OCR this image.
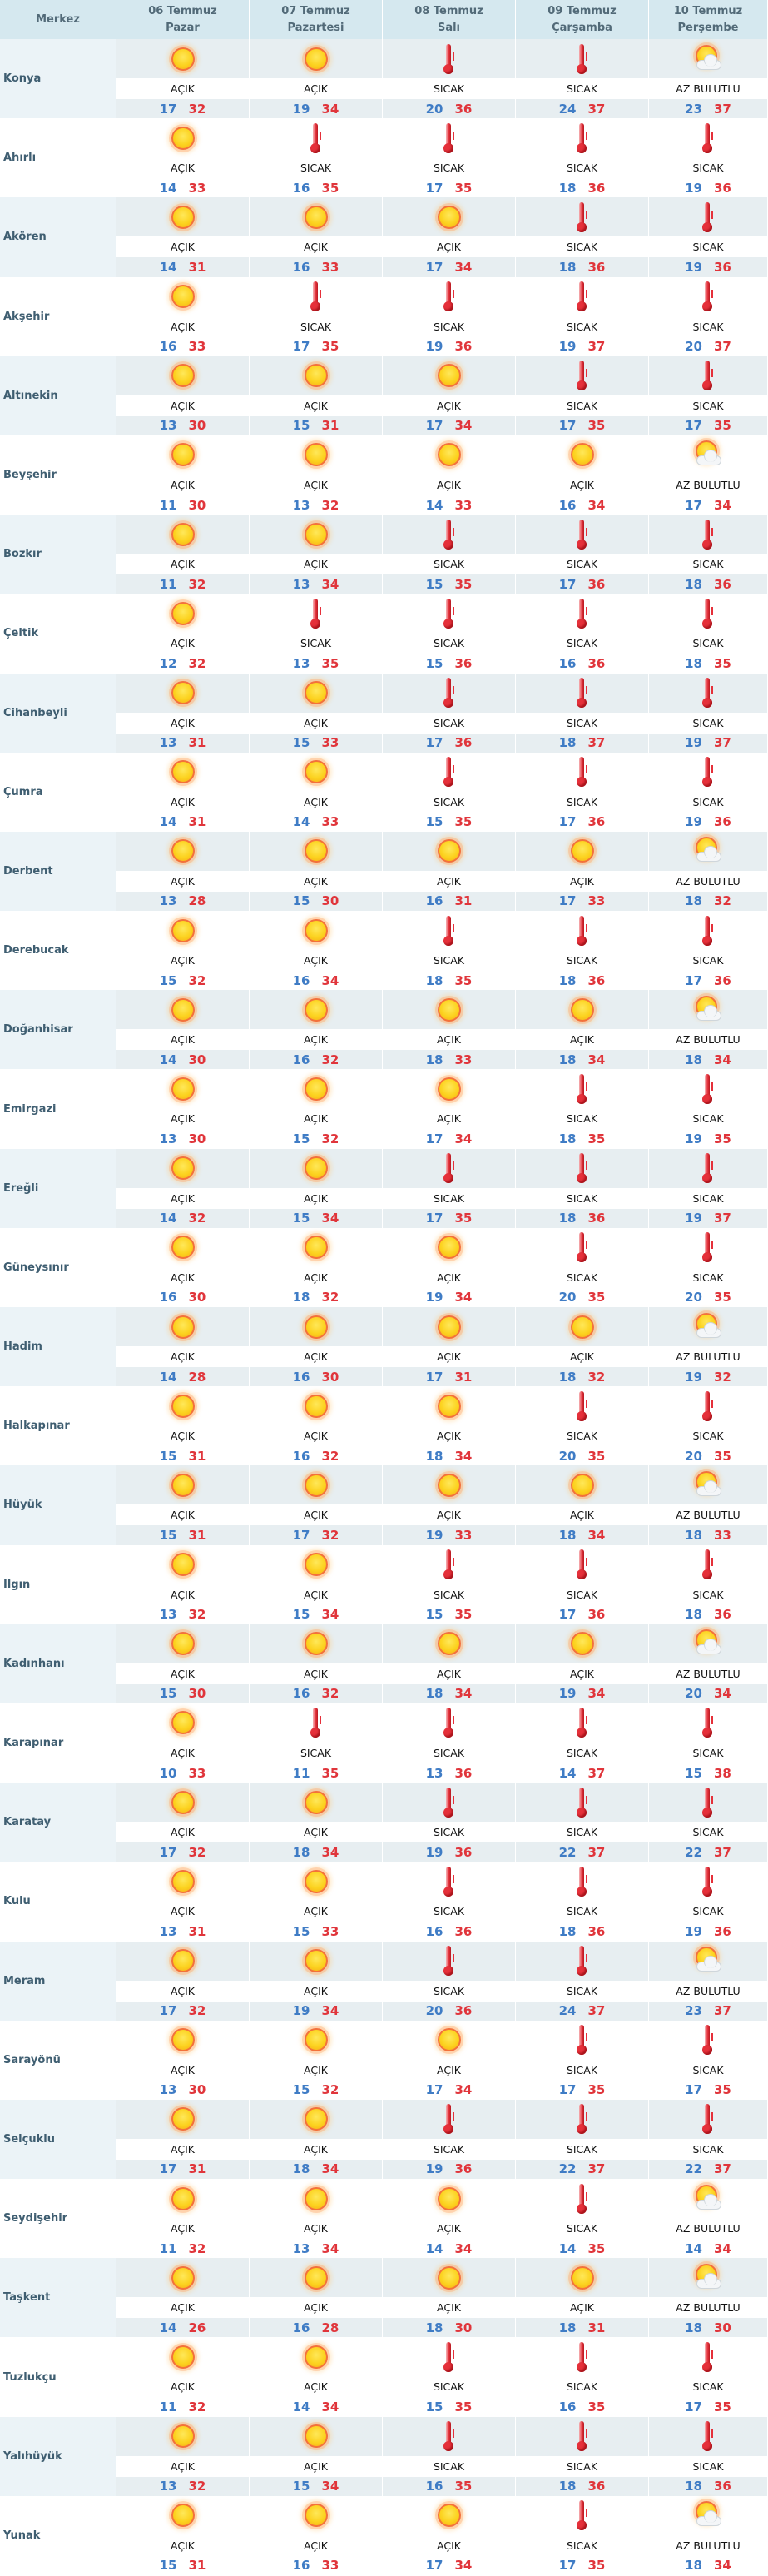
Merkez
06 Temmuz
Pazar
07 Temmuz
Pazartesi
08 Temmuz
Salı
09 Temmuz
Çarşamba
10 Temmuz
Perşembe
Konya
AÇIK
17 32
AÇIK
19 34
SICAK
20 36
SICAK
24 37
AZ BULUTLU
23 37
Ahırlı
AÇIK
14 33
SICAK
16 35
SICAK
17 35
SICAK
18 36
SICAK
19 36
Akören
AÇIK
14 31
AÇIK
16 33
AÇIK
17 34
SICAK
18 36
SICAK
19 36
Akşehir
AÇIK
16 33
SICAK
17 35
SICAK
19 36
SICAK
19 37
SICAK
20 37
Altınekin
AÇIK
13 30
AÇIK
15 31
AÇIK
17 34
SICAK
17 35
SICAK
17 35
Beyşehir
AÇIK
11 30
AÇIK
13 32
AÇIK
14 33
AÇIK
16 34
AZ BULUTLU
17 34
Bozkır
AÇIK
11 32
AÇIK
13 34
SICAK
15 35
SICAK
17 36
SICAK
18 36
Çeltik
AÇIK
12 32
SICAK
13 35
SICAK
15 36
SICAK
16 36
SICAK
18 35
Cihanbeyli
AÇIK
13 31
AÇIK
15 33
SICAK
17 36
SICAK
18 37
SICAK
19 37
Çumra
AÇIK
14 31
AÇIK
14 33
SICAK
15 35
SICAK
17 36
SICAK
19 36
Derbent
AÇIK
13 28
AÇIK
15 30
AÇIK
16 31
AÇIK
17 33
AZ BULUTLU
18 32
Derebucak
AÇIK
15 32
AÇIK
16 34
SICAK
18 35
SICAK
18 36
SICAK
17 36
Doğanhisar
AÇIK
14 30
AÇIK
16 32
AÇIK
18 33
AÇIK
18 34
AZ BULUTLU
18 34
Emirgazi
AÇIK
13 30
AÇIK
15 32
AÇIK
17 34
SICAK
18 35
SICAK
19 35
Ereğli
AÇIK
14 32
AÇIK
15 34
SICAK
17 35
SICAK
18 36
SICAK
19 37
Güneysınır
AÇIK
16 30
AÇIK
18 32
AÇIK
19 34
SICAK
20 35
SICAK
20 35
Hadim
AÇIK
14 28
AÇIK
16 30
AÇIK
17 31
AÇIK
18 32
AZ BULUTLU
19 32
Halkapınar
AÇIK
15 31
AÇIK
16 32
AÇIK
18 34
SICAK
20 35
SICAK
20 35
Hüyük
AÇIK
15 31
AÇIK
17 32
AÇIK
19 33
AÇIK
18 34
AZ BULUTLU
18 33
Ilgın
AÇIK
13 32
AÇIK
15 34
SICAK
15 35
SICAK
17 36
SICAK
18 36
Kadınhanı
AÇIK
15 30
AÇIK
16 32
AÇIK
18 34
AÇIK
19 34
AZ BULUTLU
20 34
Karapınar
AÇIK
10 33
SICAK
11 35
SICAK
13 36
SICAK
14 37
SICAK
15 38
Karatay
AÇIK
17 32
AÇIK
18 34
SICAK
19 36
SICAK
22 37
SICAK
22 37
Kulu
AÇIK
13 31
AÇIK
15 33
SICAK
16 36
SICAK
18 36
SICAK
19 36
Meram
AÇIK
17 32
AÇIK
19 34
SICAK
20 36
SICAK
24 37
AZ BULUTLU
23 37
Sarayönü
AÇIK
13 30
AÇIK
15 32
AÇIK
17 34
SICAK
17 35
SICAK
17 35
Selçuklu
AÇIK
17 31
AÇIK
18 34
SICAK
19 36
SICAK
22 37
SICAK
22 37
Seydişehir
AÇIK
11 32
AÇIK
13 34
AÇIK
14 34
SICAK
14 35
AZ BULUTLU
14 34
Taşkent
AÇIK
14 26
AÇIK
16 28
AÇIK
18 30
AÇIK
18 31
AZ BULUTLU
18 30
Tuzlukçu
AÇIK
11 32
AÇIK
14 34
SICAK
15 35
SICAK
16 35
SICAK
17 35
Yalıhüyük
AÇIK
13 32
AÇIK
15 34
SICAK
16 35
SICAK
18 36
SICAK
18 36
Yunak
AÇIK
15 31
AÇIK
16 33
AÇIK
17 34
SICAK
17 35
AZ BULUTLU
18 34
